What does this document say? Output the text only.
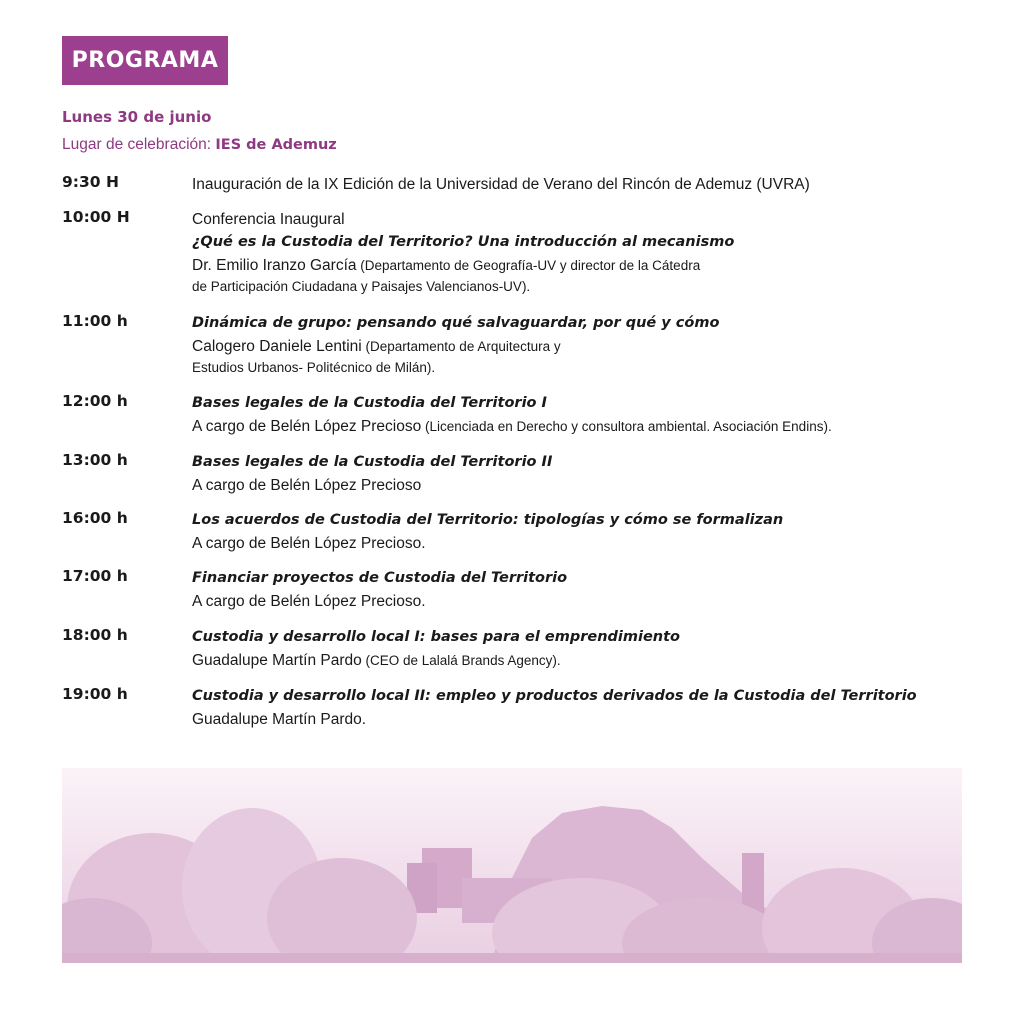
PROGRAMA
Lunes 30 de junio
Lugar de celebración: IES de Ademuz
9:30 H	Inauguración de la IX Edición de la Universidad de Verano del Rincón de Ademuz (UVRA)
10:00 H	Conferencia Inaugural
¿Qué es la Custodia del Territorio? Una introducción al mecanismo
Dr. Emilio Iranzo García (Departamento de Geografía-UV y director de la Cátedra
de Participación Ciudadana y Paisajes Valencianos-UV).
11:00 h	Dinámica de grupo: pensando qué salvaguardar, por qué y cómo
Calogero Daniele Lentini (Departamento de Arquitectura y
Estudios Urbanos- Politécnico de Milán).
12:00 h	Bases legales de la Custodia del Territorio I
A cargo de Belén López Precioso (Licenciada en Derecho y consultora ambiental. Asociación Endins).
13:00 h	Bases legales de la Custodia del Territorio II
A cargo de Belén López Precioso
16:00 h	Los acuerdos de Custodia del Territorio: tipologías y cómo se formalizan
A cargo de Belén López Precioso.
17:00 h	Financiar proyectos de Custodia del Territorio
A cargo de Belén López Precioso.
18:00 h	Custodia y desarrollo local I: bases para el emprendimiento
Guadalupe Martín Pardo (CEO de Lalalá Brands Agency).
19:00 h	Custodia y desarrollo local II: empleo y productos derivados de la Custodia del Territorio
Guadalupe Martín Pardo.
